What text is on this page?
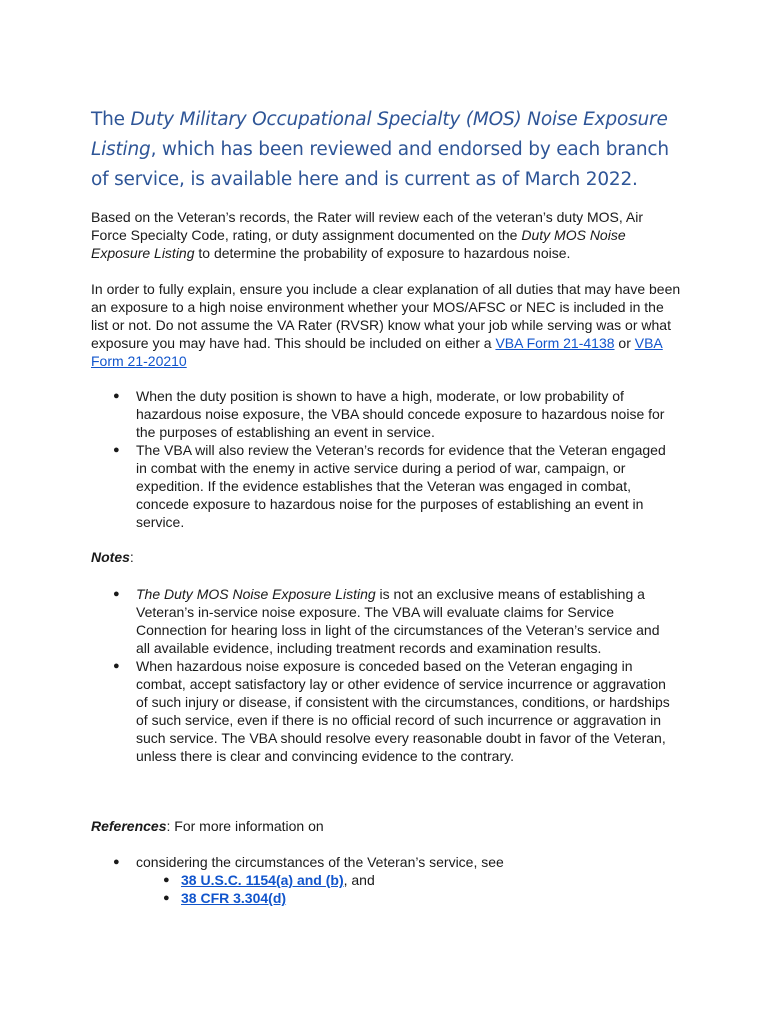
The Duty Military Occupational Specialty (MOS) Noise Exposure Listing, which has been reviewed and endorsed by each branch of service, is available here and is current as of March 2022.

Based on the Veteran’s records, the Rater will review each of the veteran’s duty MOS, Air Force Specialty Code, rating, or duty assignment documented on the Duty MOS Noise Exposure Listing to determine the probability of exposure to hazardous noise.

In order to fully explain, ensure you include a clear explanation of all duties that may have been an exposure to a high noise environment whether your MOS/AFSC or NEC is included in the list or not. Do not assume the VA Rater (RVSR) know what your job while serving was or what exposure you may have had. This should be included on either a VBA Form 21-4138 or VBA Form 21-20210

● When the duty position is shown to have a high, moderate, or low probability of hazardous noise exposure, the VBA should concede exposure to hazardous noise for the purposes of establishing an event in service.
● The VBA will also review the Veteran’s records for evidence that the Veteran engaged in combat with the enemy in active service during a period of war, campaign, or expedition. If the evidence establishes that the Veteran was engaged in combat, concede exposure to hazardous noise for the purposes of establishing an event in service.

Notes:

● The Duty MOS Noise Exposure Listing is not an exclusive means of establishing a Veteran’s in-service noise exposure. The VBA will evaluate claims for Service Connection for hearing loss in light of the circumstances of the Veteran’s service and all available evidence, including treatment records and examination results.
● When hazardous noise exposure is conceded based on the Veteran engaging in combat, accept satisfactory lay or other evidence of service incurrence or aggravation of such injury or disease, if consistent with the circumstances, conditions, or hardships of such service, even if there is no official record of such incurrence or aggravation in such service. The VBA should resolve every reasonable doubt in favor of the Veteran, unless there is clear and convincing evidence to the contrary.

References: For more information on

● considering the circumstances of the Veteran’s service, see
● 38 U.S.C. 1154(a) and (b), and
● 38 CFR 3.304(d)
